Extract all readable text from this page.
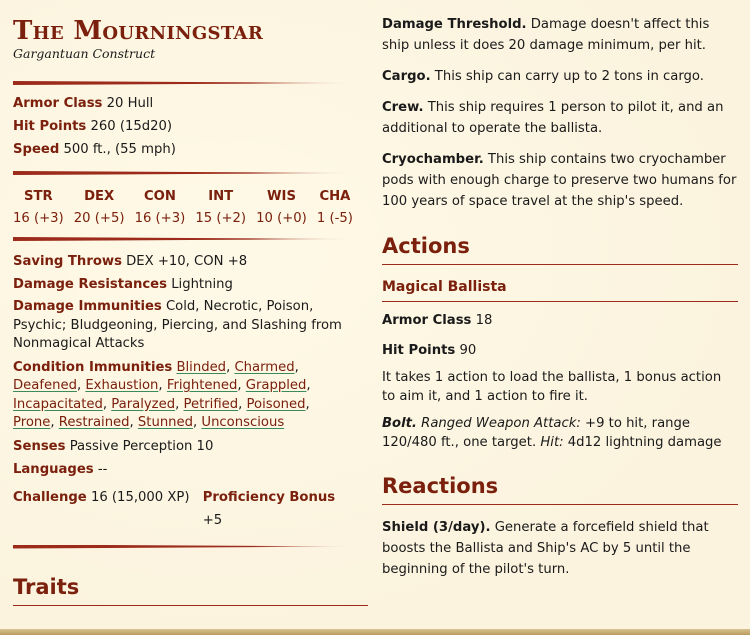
The Mourningstar
Gargantuan Construct
Armor Class 20 Hull
Hit Points 260 (15d20)
Speed 500 ft., (55 mph)
STR
16 (+3)
DEX
20 (+5)
CON
16 (+3)
INT
15 (+2)
WIS
10 (+0)
CHA
1 (-5)
Saving Throws DEX +10, CON +8
Damage Resistances Lightning
Damage Immunities Cold, Necrotic, Poison, Psychic; Bludgeoning, Piercing, and Slashing from Nonmagical Attacks
Condition Immunities Blinded, Charmed, Deafened, Exhaustion, Frightened, Grappled, Incapacitated, Paralyzed, Petrified, Poisoned, Prone, Restrained, Stunned, Unconscious
Senses Passive Perception 10
Languages --
Challenge 16 (15,000 XP) Proficiency Bonus +5
Traits

Damage Threshold. Damage doesn't affect this ship unless it does 20 damage minimum, per hit.

Cargo. This ship can carry up to 2 tons in cargo.

Crew. This ship requires 1 person to pilot it, and an additional to operate the ballista.

Cryochamber. This ship contains two cryochamber pods with enough charge to preserve two humans for 100 years of space travel at the ship's speed.

Actions
Magical Ballista
Armor Class 18
Hit Points 90

It takes 1 action to load the ballista, 1 bonus action to aim it, and 1 action to fire it.

Bolt. Ranged Weapon Attack: +9 to hit, range 120/480 ft., one target. Hit: 4d12 lightning damage

Reactions

Shield (3/day). Generate a forcefield shield that boosts the Ballista and Ship's AC by 5 until the beginning of the pilot's turn.
